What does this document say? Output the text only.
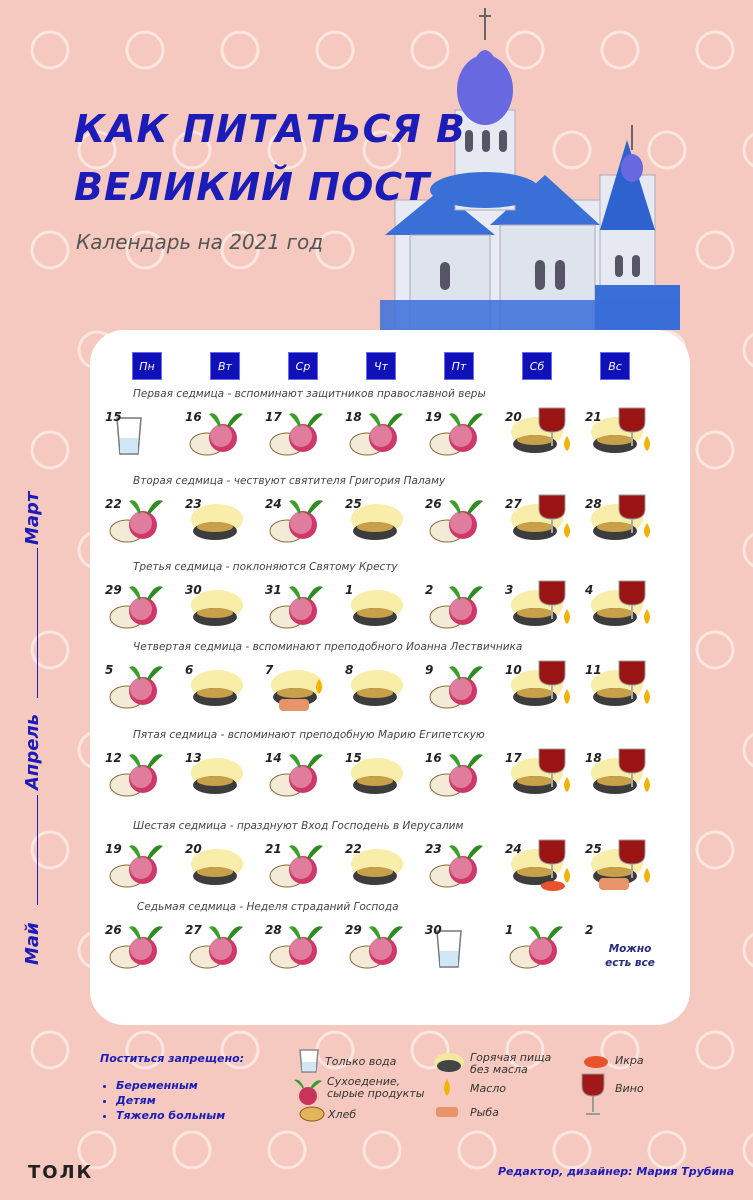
КАК ПИТАТЬСЯ В
ВЕЛИКИЙ ПОСТ
Календарь на 2021 год
Пн	Вт	Ср	Чт	Пт	Сб	Вс
Первая седмица - вспоминают защитников православной веры
15	16	17	18	19	20	21
Вторая седмица - чествуют святителя Григория Паламу
22	23	24	25	26	27	28
Третья седмица - поклоняются Святому Кресту
29	30	31	1	2	3	4
Четвертая седмица - вспоминают преподобного Иоанна Лествичника
5	6	7	8	9	10	11
Пятая седмица - вспоминают преподобную Марию Египетскую
12	13	14	15	16	17	18
Шестая седмица - празднуют Вход Господень в Иерусалим
19	20	21	22	23	24	25
Седьмая седмица - Неделя страданий Господа
26	27	28	29	30	1	2
Март
Апрель
Май	Можно есть все
Поститься запрещено:
• Беременным
• Детям
• Тяжело больным
Только вода
Сухоедение, сырые продукты
Хлеб
Горячая пища без масла
Масло
Рыба
Икра
Вино
ТОЛК	Редактор, дизайнер: Мария Трубина
